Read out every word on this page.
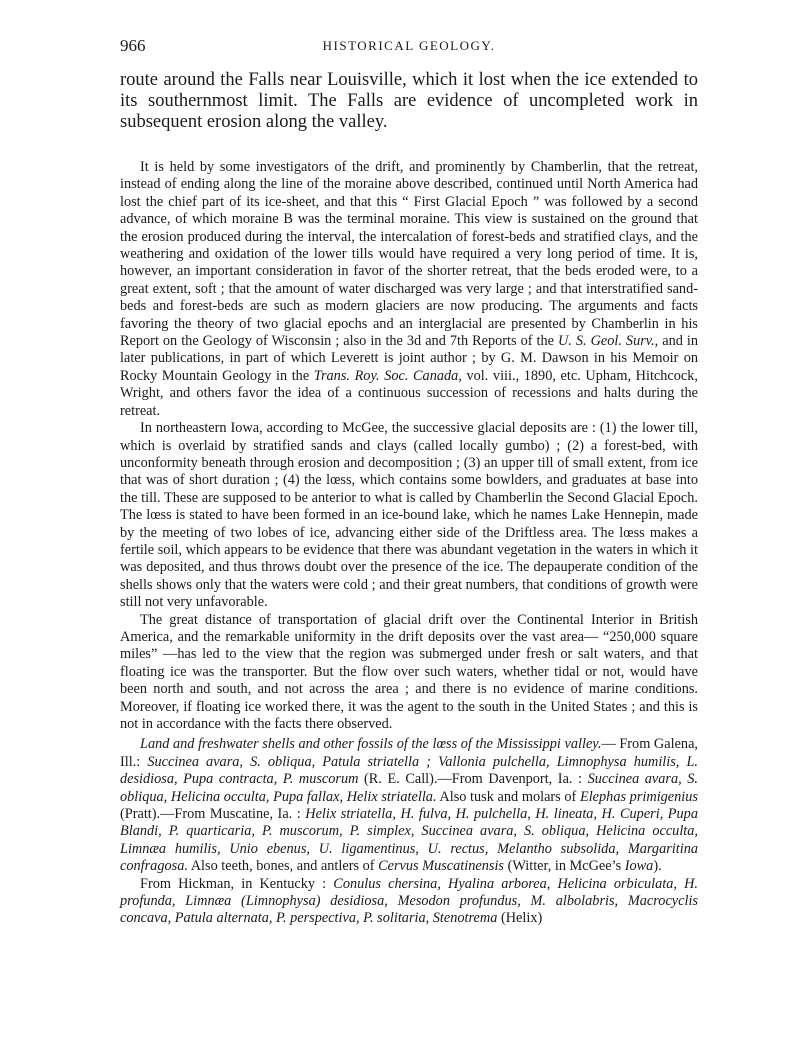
966	HISTORICAL GEOLOGY.
route around the Falls near Louisville, which it lost when the ice extended to its southernmost limit. The Falls are evidence of uncompleted work in subsequent erosion along the valley.

It is held by some investigators of the drift, and prominently by Chamberlin, that the retreat, instead of ending along the line of the moraine above described, continued until North America had lost the chief part of its ice-sheet, and that this “ First Glacial Epoch ” was followed by a second advance, of which moraine B was the terminal moraine. This view is sustained on the ground that the erosion produced during the interval, the intercalation of forest-beds and stratified clays, and the weathering and oxidation of the lower tills would have required a very long period of time. It is, however, an important consideration in favor of the shorter retreat, that the beds eroded were, to a great extent, soft ; that the amount of water discharged was very large ; and that interstratified sand-beds and forest-beds are such as modern glaciers are now producing. The arguments and facts favoring the theory of two glacial epochs and an interglacial are presented by Chamberlin in his Report on the Geology of Wisconsin ; also in the 3d and 7th Reports of the U. S. Geol. Surv., and in later publications, in part of which Leverett is joint author ; by G. M. Dawson in his Memoir on Rocky Mountain Geology in the Trans. Roy. Soc. Canada, vol. viii., 1890, etc. Upham, Hitchcock, Wright, and others favor the idea of a continuous succession of recessions and halts during the retreat.

In northeastern Iowa, according to McGee, the successive glacial deposits are : (1) the lower till, which is overlaid by stratified sands and clays (called locally gumbo) ; (2) a forest-bed, with unconformity beneath through erosion and decomposition ; (3) an upper till of small extent, from ice that was of short duration ; (4) the lœss, which contains some bowlders, and graduates at base into the till. These are supposed to be anterior to what is called by Chamberlin the Second Glacial Epoch. The lœss is stated to have been formed in an ice-bound lake, which he names Lake Hennepin, made by the meeting of two lobes of ice, advancing either side of the Driftless area. The lœss makes a fertile soil, which appears to be evidence that there was abundant vegetation in the waters in which it was deposited, and thus throws doubt over the presence of the ice. The depauperate condition of the shells shows only that the waters were cold ; and their great numbers, that conditions of growth were still not very unfavorable.

The great distance of transportation of glacial drift over the Continental Interior in British America, and the remarkable uniformity in the drift deposits over the vast area— “250,000 square miles” —has led to the view that the region was submerged under fresh or salt waters, and that floating ice was the transporter. But the flow over such waters, whether tidal or not, would have been north and south, and not across the area ; and there is no evidence of marine conditions. Moreover, if floating ice worked there, it was the agent to the south in the United States ; and this is not in accordance with the facts there observed.

Land and freshwater shells and other fossils of the lœss of the Mississippi valley.— From Galena, Ill.: Succinea avara, S. obliqua, Patula striatella ; Vallonia pulchella, Limnophysa humilis, L. desidiosa, Pupa contracta, P. muscorum (R. E. Call).—From Davenport, Ia. : Succinea avara, S. obliqua, Helicina occulta, Pupa fallax, Helix striatella. Also tusk and molars of Elephas primigenius (Pratt).—From Muscatine, Ia. : Helix striatella, H. fulva, H. pulchella, H. lineata, H. Cuperi, Pupa Blandi, P. quarticaria, P. muscorum, P. simplex, Succinea avara, S. obliqua, Helicina occulta, Limnæa humilis, Unio ebenus, U. ligamentinus, U. rectus, Melantho subsolida, Margaritina confragosa. Also teeth, bones, and antlers of Cervus Muscatinensis (Witter, in McGee’s Iowa).

From Hickman, in Kentucky : Conulus chersina, Hyalina arborea, Helicina orbiculata, H. profunda, Limnæa (Limnophysa) desidiosa, Mesodon profundus, M. albolabris, Macrocyclis concava, Patula alternata, P. perspectiva, P. solitaria, Stenotrema (Helix)
